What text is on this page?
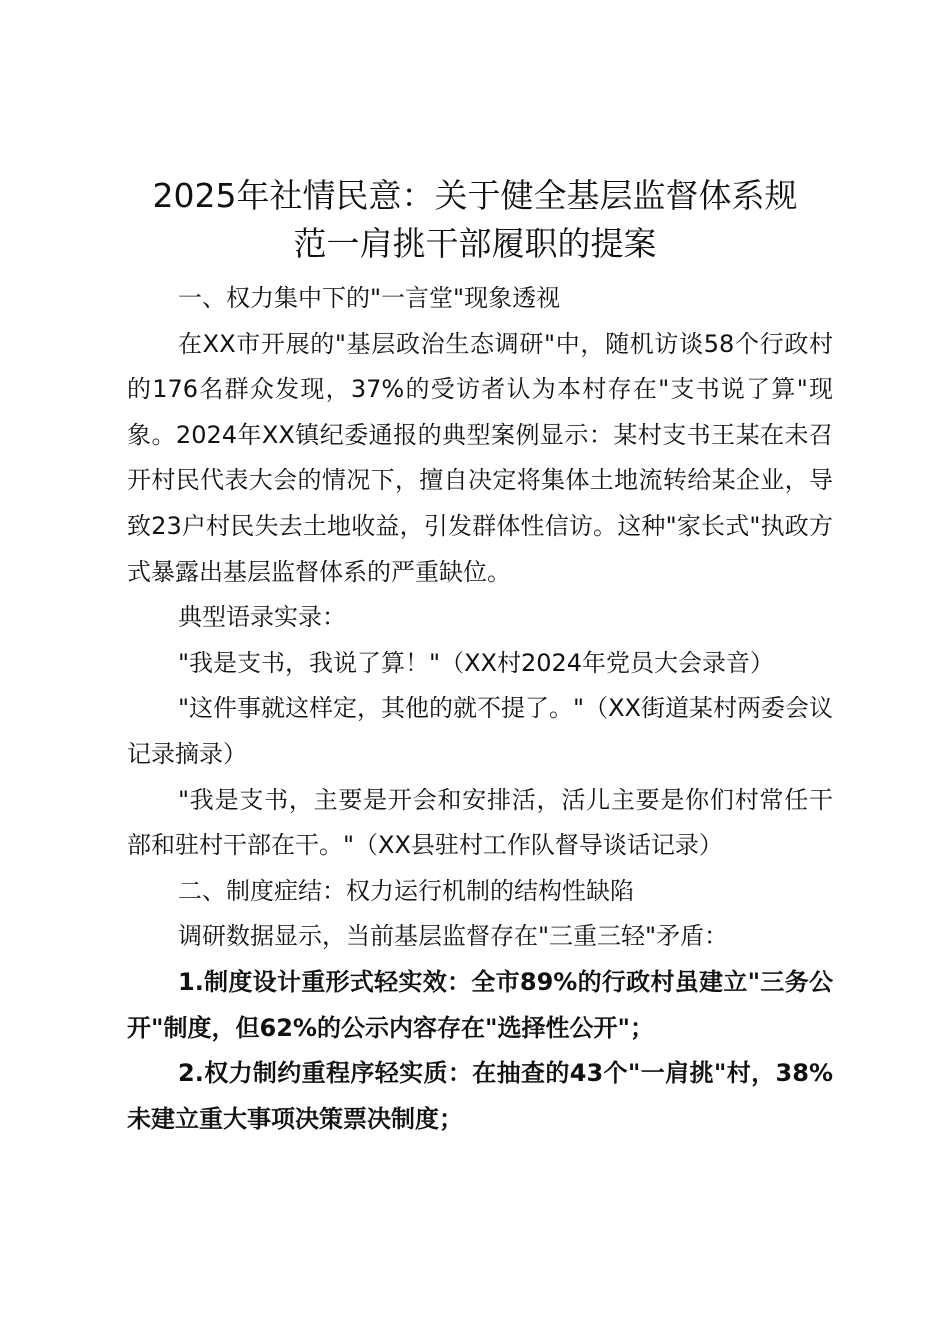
2025年社情民意：关于健全基层监督体系规
范一肩挑干部履职的提案

一、权力集中下的"一言堂"现象透视

在XX市开展的"基层政治生态调研"中，随机访谈58个行政村的176名群众发现，37%的受访者认为本村存在"支书说了算"现象。2024年XX镇纪委通报的典型案例显示：某村支书王某在未召开村民代表大会的情况下，擅自决定将集体土地流转给某企业，导致23户村民失去土地收益，引发群体性信访。这种"家长式"执政方式暴露出基层监督体系的严重缺位。

典型语录实录：

"我是支书，我说了算！"（XX村2024年党员大会录音）

"这件事就这样定，其他的就不提了。"（XX街道某村两委会议记录摘录）

"我是支书，主要是开会和安排活，活儿主要是你们村常任干部和驻村干部在干。"（XX县驻村工作队督导谈话记录）

二、制度症结：权力运行机制的结构性缺陷

调研数据显示，当前基层监督存在"三重三轻"矛盾：

1.制度设计重形式轻实效：全市89%的行政村虽建立"三务公开"制度，但62%的公示内容存在"选择性公开"；

2.权力制约重程序轻实质：在抽查的43个"一肩挑"村，38%未建立重大事项决策票决制度；
